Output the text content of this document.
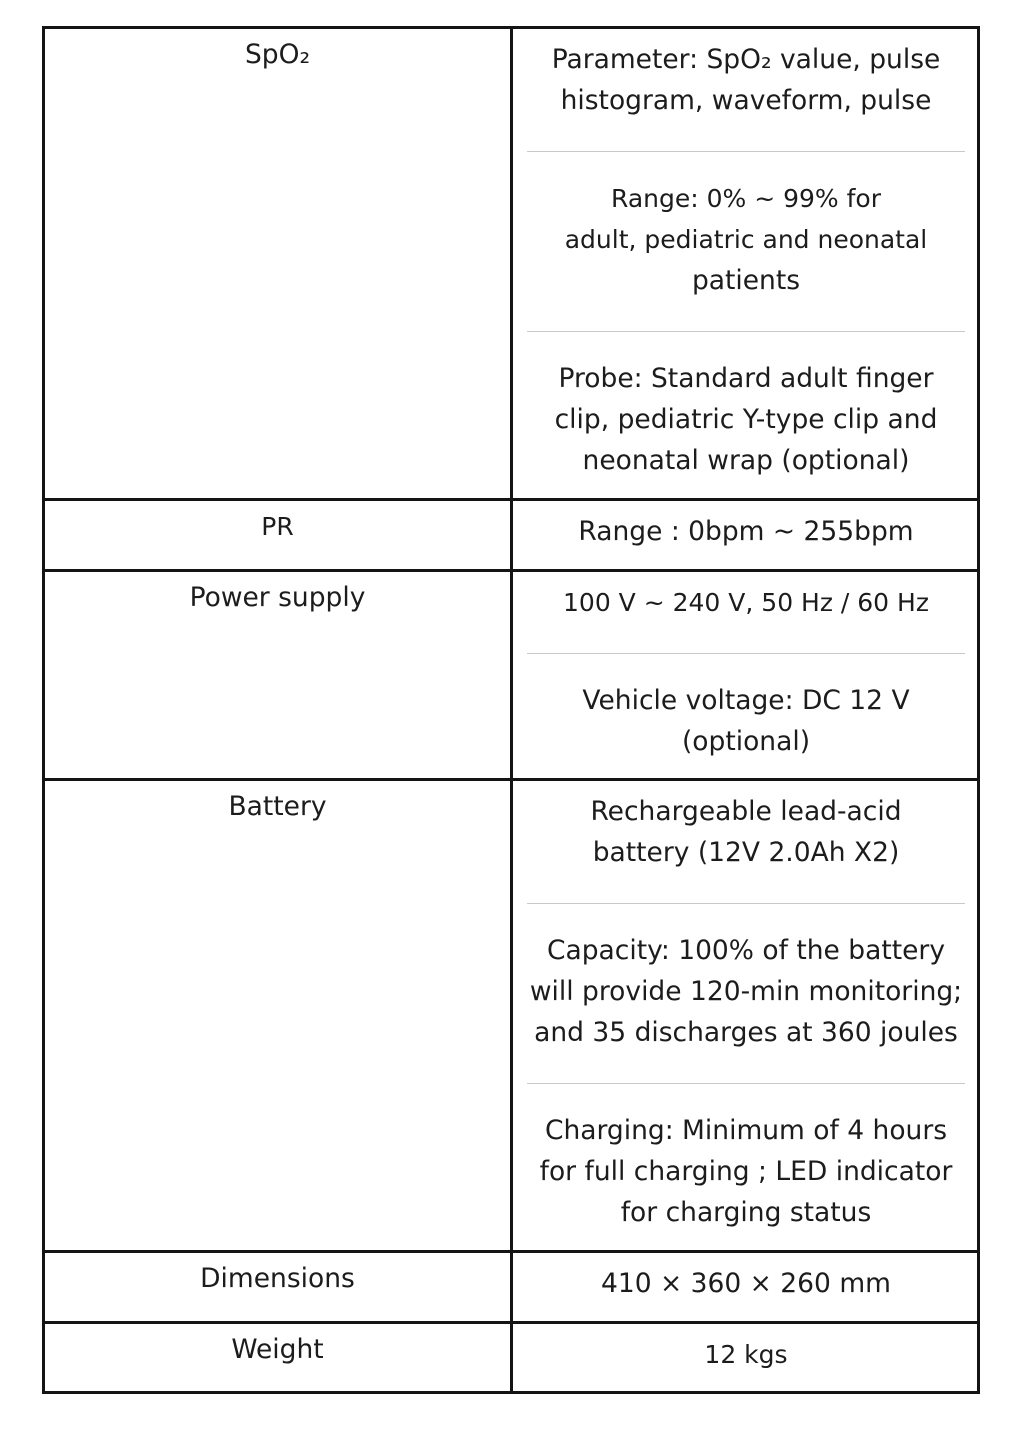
SpO₂	Parameter: SpO₂ value, pulse
histogram, waveform, pulse
Range: 0% ~ 99% for
adult, pediatric and neonatal
patients
Probe: Standard adult finger
clip, pediatric Y-type clip and
neonatal wrap (optional)
PR	Range : 0bpm ~ 255bpm
Power supply	100 V ~ 240 V, 50 Hz / 60 Hz
Vehicle voltage: DC 12 V
(optional)
Battery	Rechargeable lead-acid
battery (12V 2.0Ah X2)
Capacity: 100% of the battery
will provide 120-min monitoring;
and 35 discharges at 360 joules
Charging: Minimum of 4 hours
for full charging ; LED indicator
for charging status
Dimensions	410 × 360 × 260 mm
Weight	12 kgs
